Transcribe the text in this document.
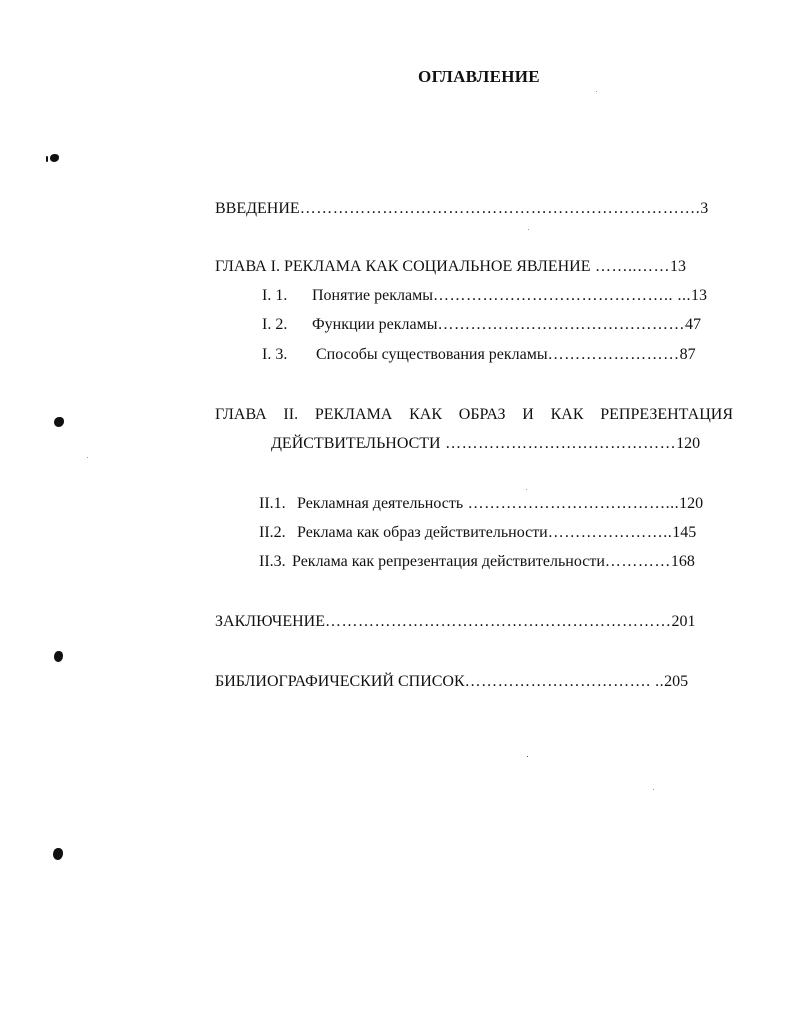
ОГЛАВЛЕНИЕ
ВВЕДЕНИЕ……………………………………………………………….3
ГЛАВА I. РЕКЛАМА КАК СОЦИАЛЬНОЕ ЯВЛЕНИЕ ……..……13
I. 1. Понятие рекламы…………………………………….. ...13
I. 2. Функции рекламы………………………………………47
I. 3. Способы существования рекламы……………………87
ГЛАВА II. РЕКЛАМА КАК ОБРАЗ И КАК РЕПРЕЗЕНТАЦИЯ
ДЕЙСТВИТЕЛЬНОСТИ ……………………………………120
II.1. Рекламная деятельность ………………………………...120
II.2. Реклама как образ действительности…………………..145
II.3. Реклама как репрезентация действительности…………168
ЗАКЛЮЧЕНИЕ………………………………………………………201
БИБЛИОГРАФИЧЕСКИЙ СПИСОК……………………………. ..205
